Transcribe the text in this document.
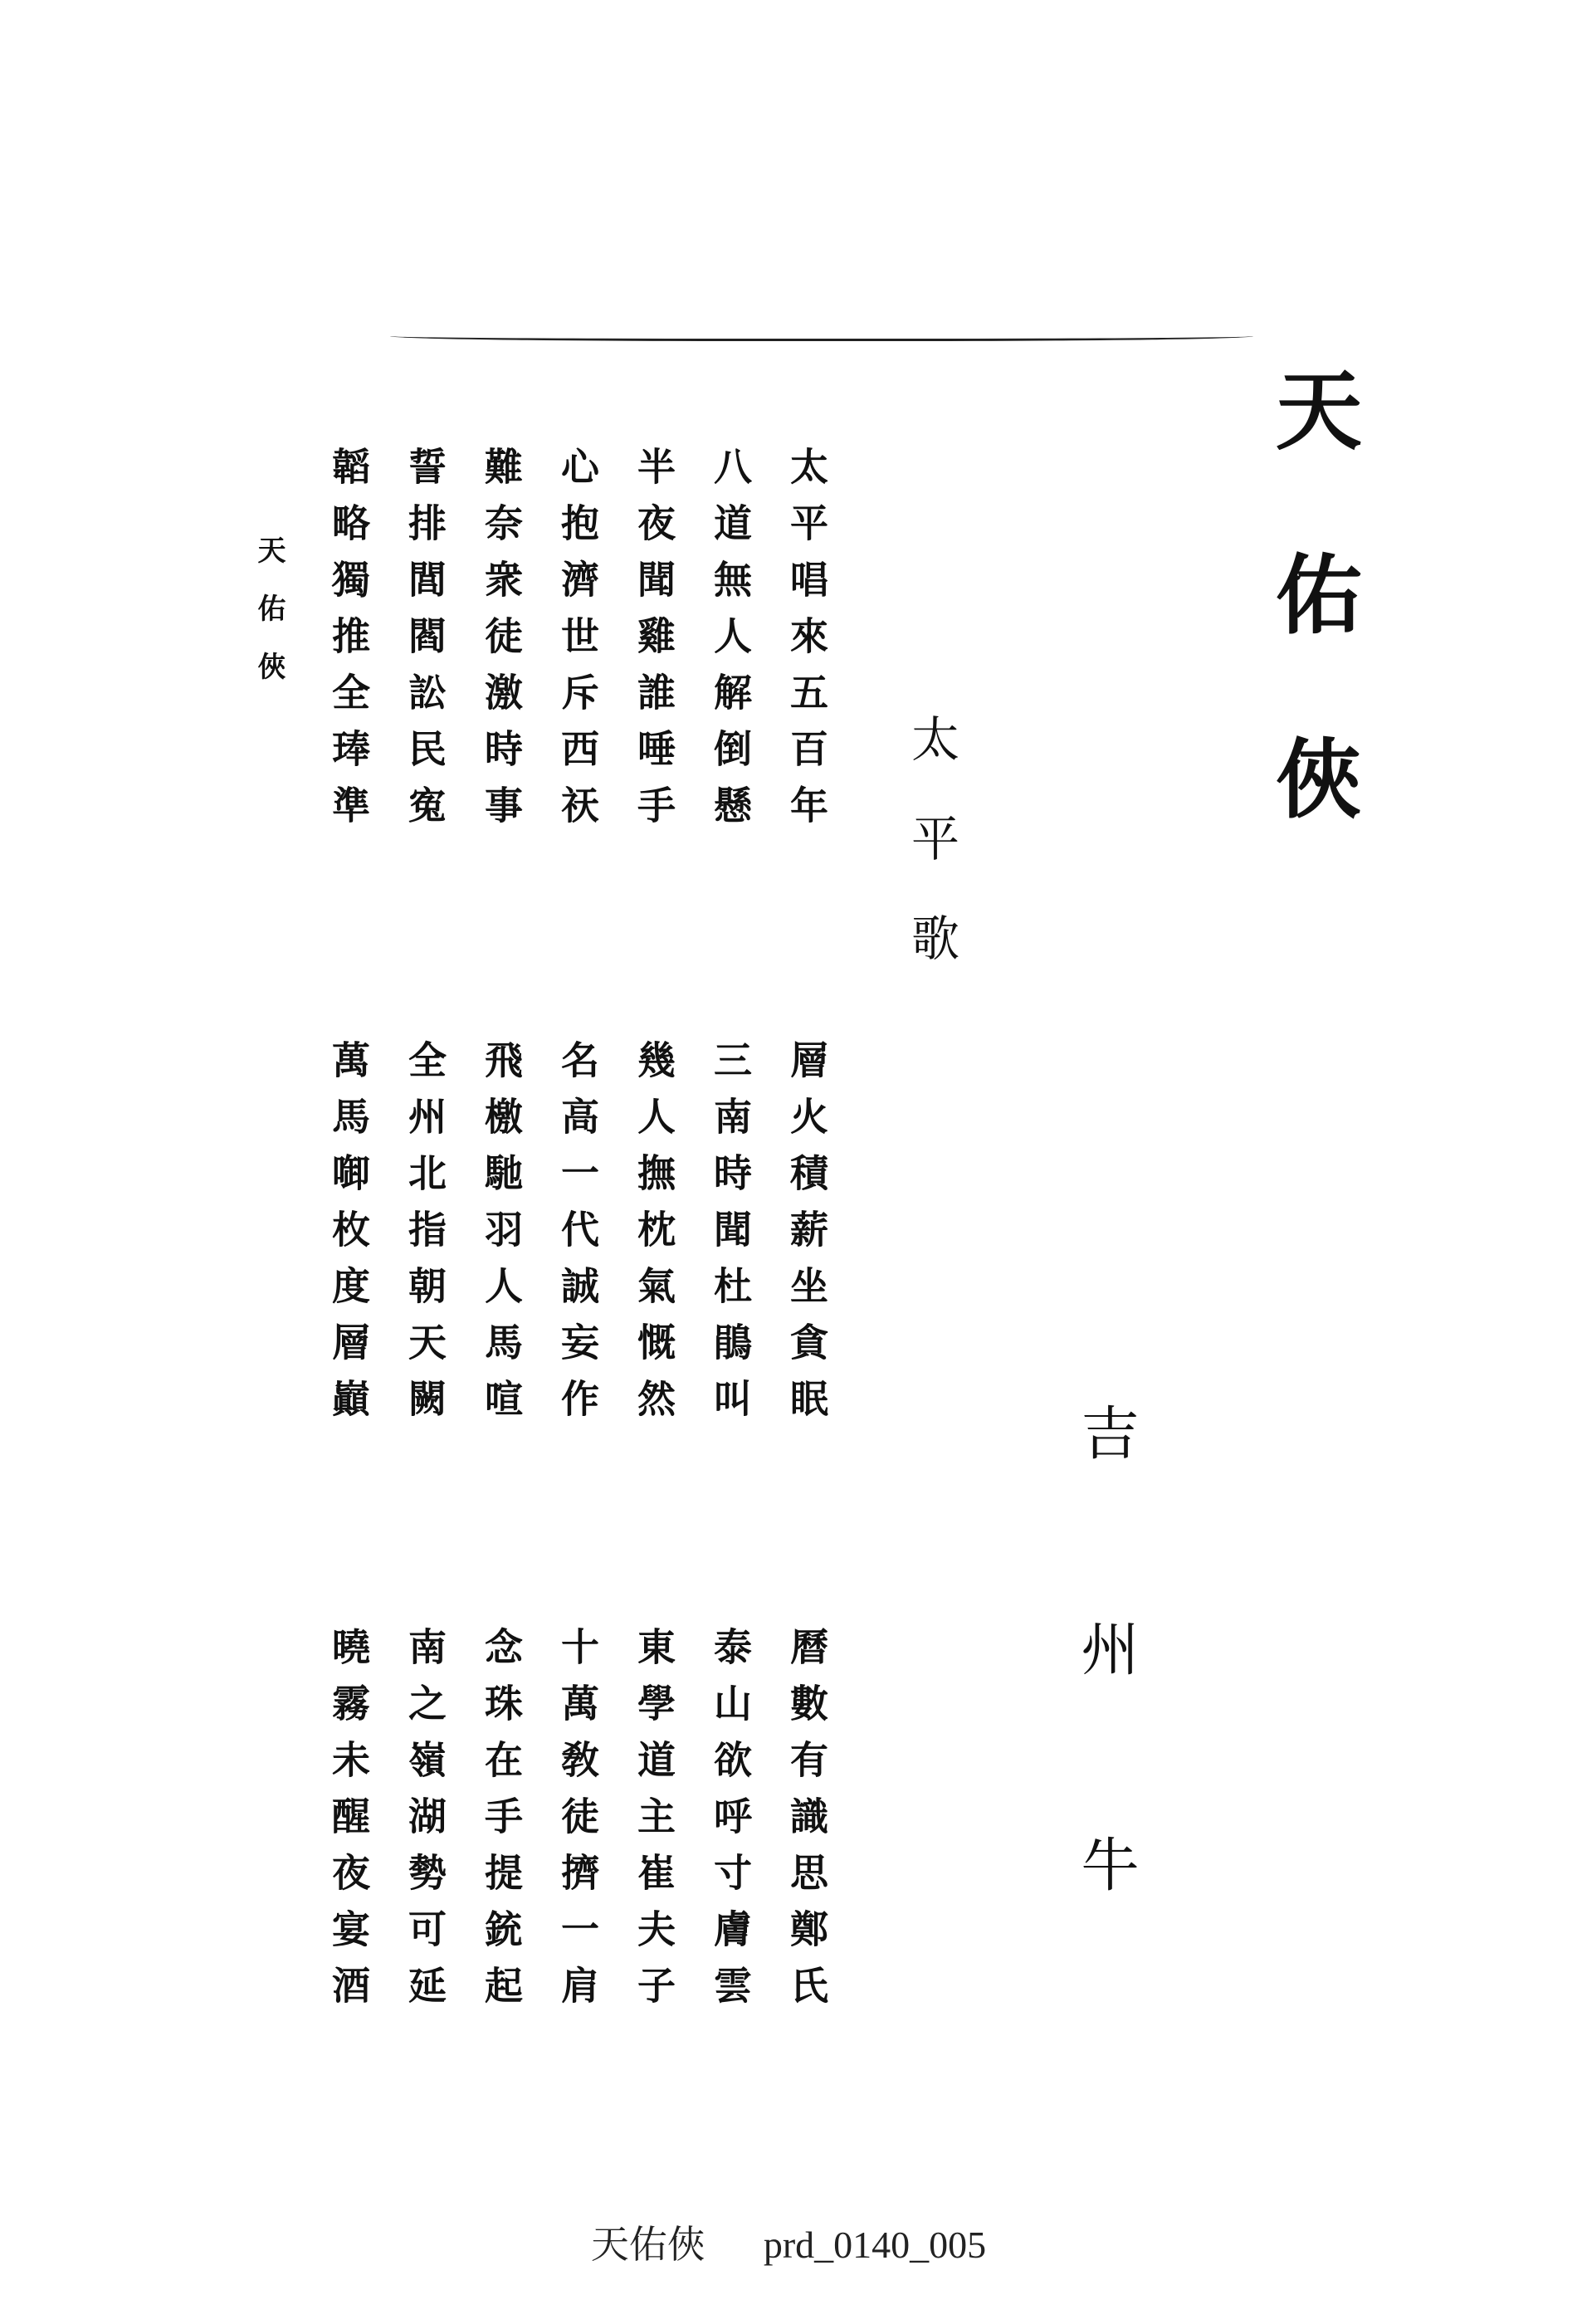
天佑俠
太平歌
吉州牛
天佑俠	太平唱來五百年
八道無人解倒懸
半夜聞雞誰唾手
心抱濟世斥西祆
難奈衆徒激時事
誓排閭閻訟民寃
韜略獨推全琫準
層火積薪坐貪眠
三南時聞杜鵑叫
幾人撫枕氣慨然
名高一代誠妄作
飛檄馳羽人馬喧
全州北指朝天闕
萬馬啣枚度層巓
曆數有識思鄭氏
泰山欲呼寸膚雲
東學道主崔夫子
十萬敎徒擠一肩
念珠在手提銃起
南之嶺湖勢可延
曉霧未醒夜宴酒
天佑俠 prd_0140_005
